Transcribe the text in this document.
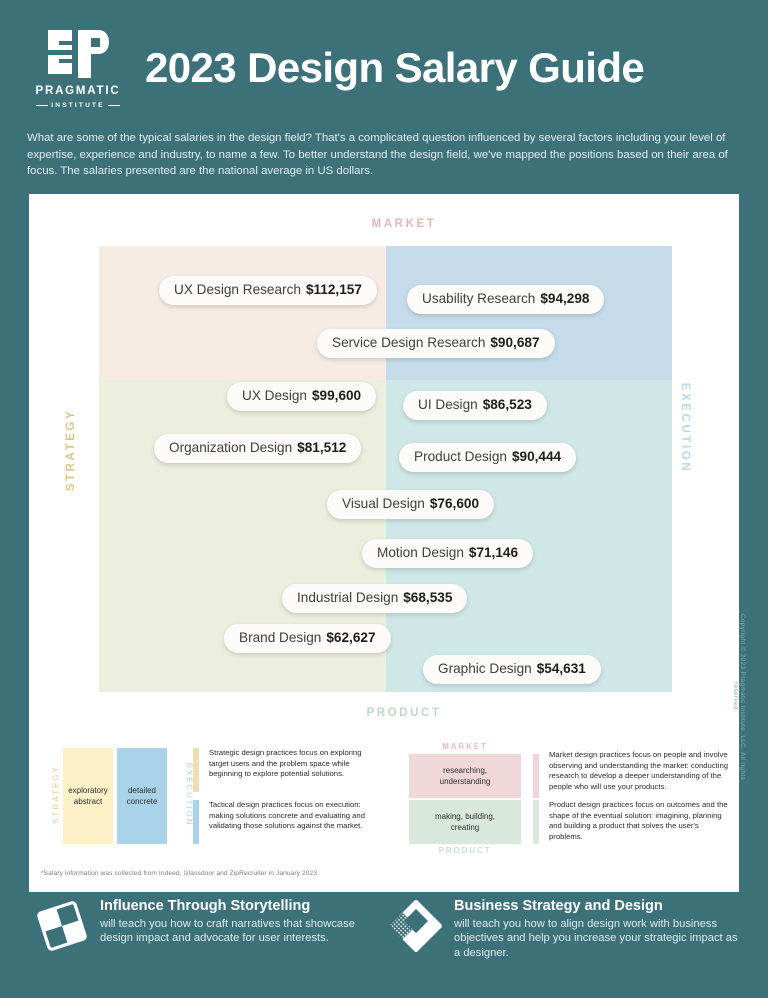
PRAGMATIC
INSTITUTE
2023 Design Salary Guide
What are some of the typical salaries in the design field? That's a complicated question influenced by several factors including your level of expertise, experience and industry, to name a few. To better understand the design field, we've mapped the positions based on their area of focus. The salaries presented are the national average in US dollars.
MARKET
PRODUCT
STRATEGY	EXECUTION
UX Design Research $112,157
Usability Research $94,298
Service Design Research $90,687
UX Design $99,600
UI Design $86,523
Organization Design $81,512
Product Design $90,444
Visual Design $76,600
Motion Design $71,146
Industrial Design $68,535
Brand Design $62,627
Graphic Design $54,631
STRATEGY	EXECUTION
exploratory
abstract
detailed
concrete
Strategic design practices focus on exploring target users and the problem space while beginning to explore potential solutions.
Tactical design practices focus on execution: making solutions concrete and evaluating and validating those solutions against the market.
MARKET
PRODUCT
researching,
understanding
making, building,
creating
Market design practices focus on people and involve observing and understanding the market: conducting research to develop a deeper understanding of the people who will use your products.
Product design practices focus on outcomes and the shape of the eventual solution: imagining, planning and building a product that solves the user's problems.
*Salary information was collected from Indeed, Glassdoor and ZipRecruiter in January 2023
Copyright © 2023 Pragmatic Institute, LLC. All rights reserved.
Influence Through Storytelling
will teach you how to craft narratives that showcase design impact and advocate for user interests.
Business Strategy and Design
will teach you how to align design work with business objectives and help you increase your strategic impact as a designer.
